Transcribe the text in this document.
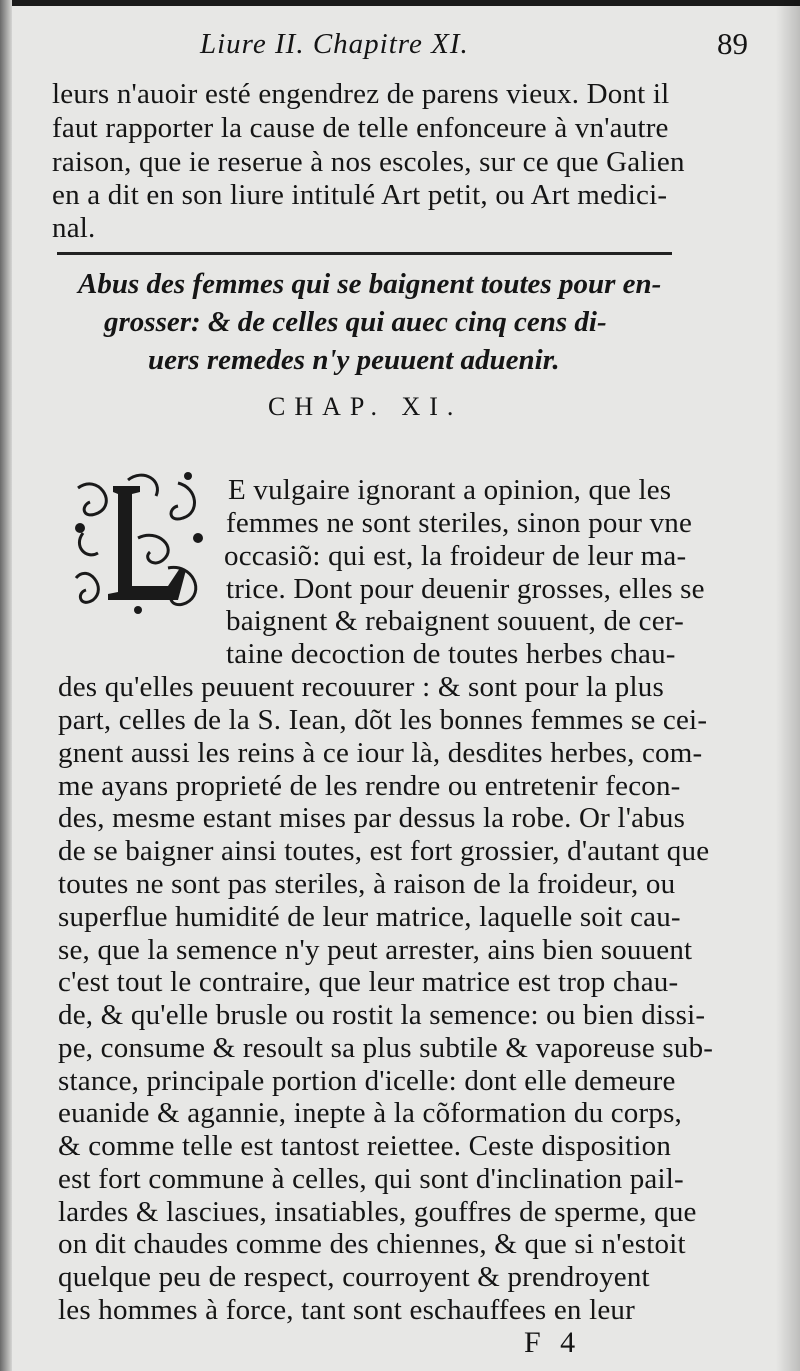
Liure II. Chapitre XI.	89
leurs n'auoir esté engendrez de parens vieux. Dont il
faut rapporter la cause de telle enfonceure à vn'autre
raison, que ie reserue à nos escoles, sur ce que Galien
en a dit en son liure intitulé Art petit, ou Art medici-
nal.
Abus des femmes qui se baignent toutes pour en-
grosser: & de celles qui auec cinq cens di-
uers remedes n'y peuuent aduenir.
CHAP. XI.
L
E vulgaire ignorant a opinion, que les
femmes ne sont steriles, sinon pour vne
occasiõ: qui est, la froideur de leur ma-
trice. Dont pour deuenir grosses, elles se
baignent & rebaignent souuent, de cer-
taine decoction de toutes herbes chau-
des qu'elles peuuent recouurer : & sont pour la plus
part, celles de la S. Iean, dõt les bonnes femmes se cei-
gnent aussi les reins à ce iour là, desdites herbes, com-
me ayans proprieté de les rendre ou entretenir fecon-
des, mesme estant mises par dessus la robe. Or l'abus
de se baigner ainsi toutes, est fort grossier, d'autant que
toutes ne sont pas steriles, à raison de la froideur, ou
superflue humidité de leur matrice, laquelle soit cau-
se, que la semence n'y peut arrester, ains bien souuent
c'est tout le contraire, que leur matrice est trop chau-
de, & qu'elle brusle ou rostit la semence: ou bien dissi-
pe, consume & resoult sa plus subtile & vaporeuse sub-
stance, principale portion d'icelle: dont elle demeure
euanide & agannie, inepte à la cõformation du corps,
& comme telle est tantost reiettee. Ceste disposition
est fort commune à celles, qui sont d'inclination pail-
lardes & lasciues, insatiables, gouffres de sperme, que
on dit chaudes comme des chiennes, & que si n'estoit
quelque peu de respect, courroyent & prendroyent
les hommes à force, tant sont eschauffees en leur
F 4
